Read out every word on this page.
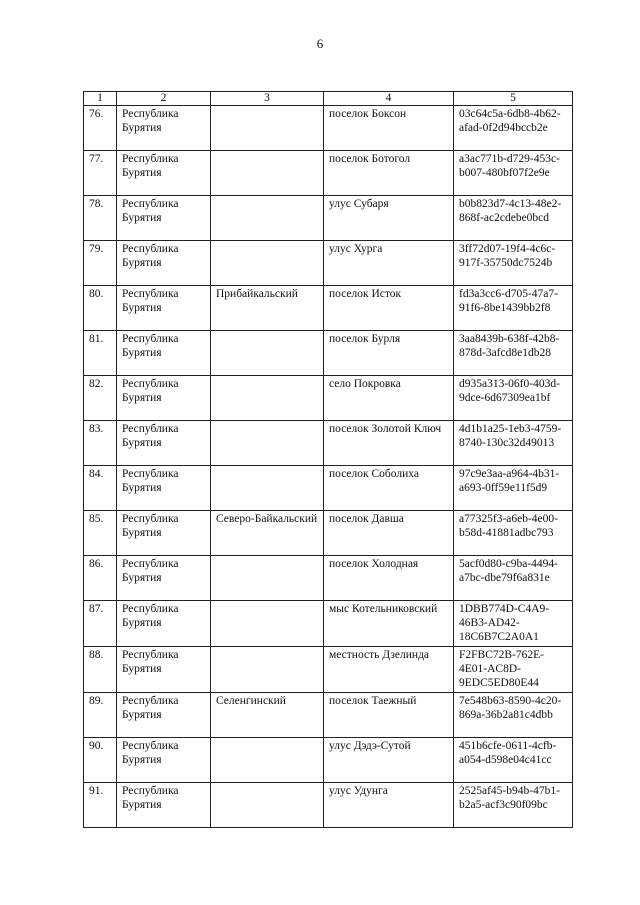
6
1	2	3	4	5
76.	Республика Бурятия		поселок Боксон	03c64c5a-6db8-4b62-afad-0f2d94bccb2e
77.	Республика Бурятия		поселок Ботогол	a3ac771b-d729-453c-b007-480bf07f2e9e
78.	Республика Бурятия		улус Субаря	b0b823d7-4c13-48e2-868f-ac2cdebe0bcd
79.	Республика Бурятия		улус Хурга	3ff72d07-19f4-4c6c-917f-35750dc7524b
80.	Республика Бурятия	Прибайкальский	поселок Исток	fd3a3cc6-d705-47a7-91f6-8be1439bb2f8
81.	Республика Бурятия		поселок Бурля	3aa8439b-638f-42b8-878d-3afcd8e1db28
82.	Республика Бурятия		село Покровка	d935a313-06f0-403d-9dce-6d67309ea1bf
83.	Республика Бурятия		поселок Золотой Ключ	4d1b1a25-1eb3-4759-8740-130c32d49013
84.	Республика Бурятия		поселок Соболиха	97c9e3aa-a964-4b31-a693-0ff59e11f5d9
85.	Республика Бурятия	Северо-Байкальский	поселок Давша	a77325f3-a6eb-4e00-b58d-41881adbc793
86.	Республика Бурятия		поселок Холодная	5acf0d80-c9ba-4494-a7bc-dbe79f6a831e
87.	Республика Бурятия		мыс Котельниковский	1DBB774D-C4A9-46B3-AD42-18C6B7C2A0A1
88.	Республика Бурятия		местность Дзелинда	F2FBC72B-762E-4E01-AC8D-9EDC5ED80E44
89.	Республика Бурятия	Селенгинский	поселок Таежный	7e548b63-8590-4c20-869a-36b2a81c4dbb
90.	Республика Бурятия		улус Дэдэ-Сутой	451b6cfe-0611-4cfb-a054-d598e04c41cc
91.	Республика Бурятия		улус Удунга	2525af45-b94b-47b1-b2a5-acf3c90f09bc
